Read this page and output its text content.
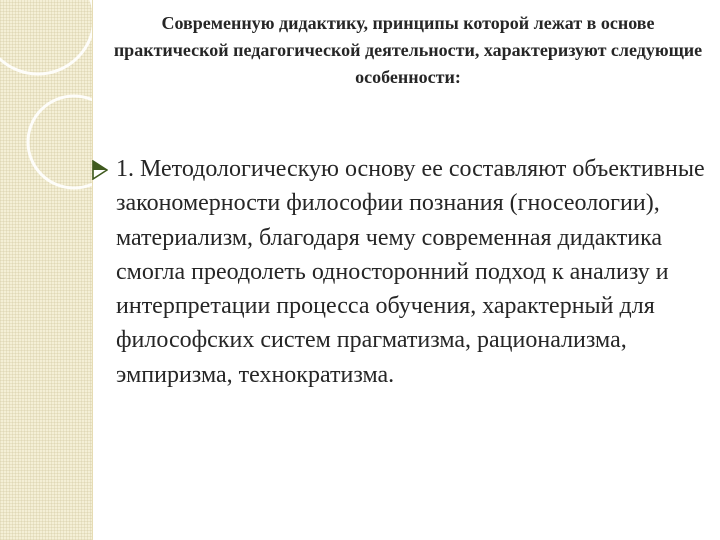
Современную дидактику, принципы которой лежат в основе практической педагогической деятельности, характеризуют следующие особенности:
1. Методологическую основу ее составляют объективные закономерности философии познания (гносеологии), материализм, благодаря чему современная дидактика смогла преодолеть односторонний подход к анализу и интерпретации процесса обучения, характерный для философских систем прагматизма, рационализма, эмпиризма, технократизма.
